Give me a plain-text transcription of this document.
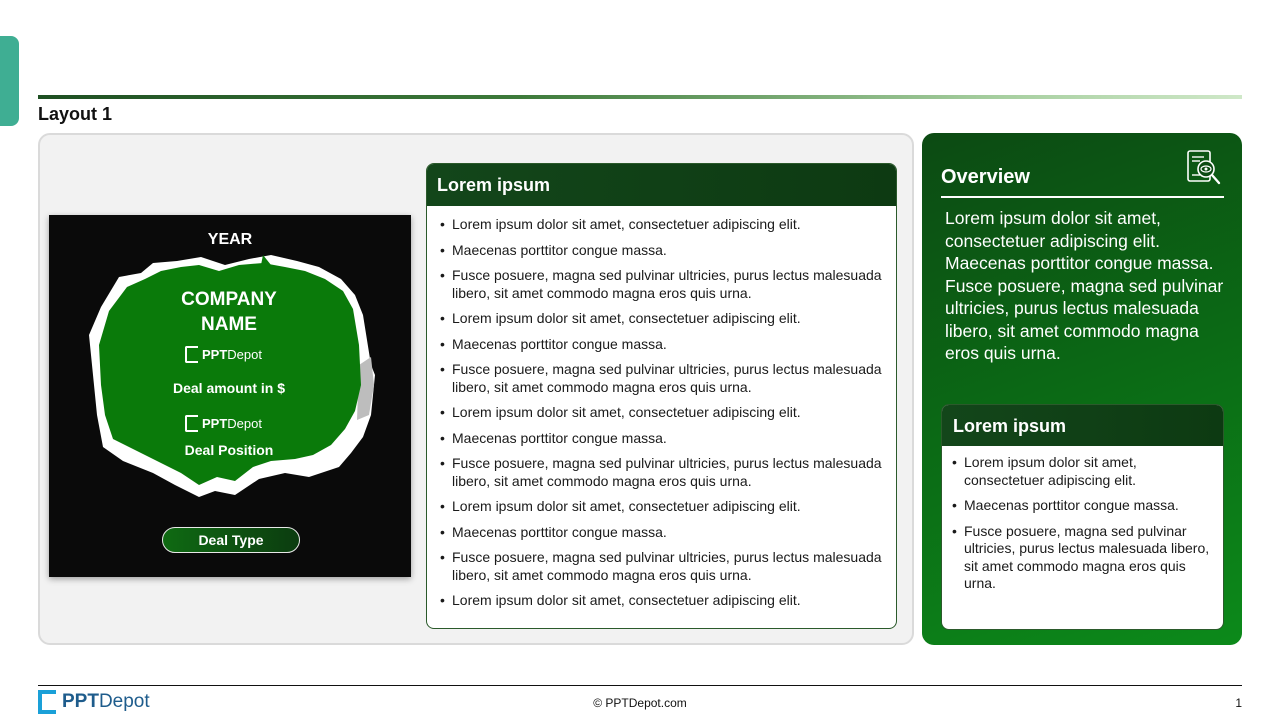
Layout 1
YEAR
COMPANY
NAME
PPT Depot
Deal amount in $
PPT Depot
Deal Position
Deal Type
Lorem ipsum
• Lorem ipsum dolor sit amet, consectetuer adipiscing elit.
• Maecenas porttitor congue massa.
• Fusce posuere, magna sed pulvinar ultricies, purus lectus malesuada libero, sit amet commodo magna eros quis urna.
• Lorem ipsum dolor sit amet, consectetuer adipiscing elit.
• Maecenas porttitor congue massa.
• Fusce posuere, magna sed pulvinar ultricies, purus lectus malesuada libero, sit amet commodo magna eros quis urna.
• Lorem ipsum dolor sit amet, consectetuer adipiscing elit.
• Maecenas porttitor congue massa.
• Fusce posuere, magna sed pulvinar ultricies, purus lectus malesuada libero, sit amet commodo magna eros quis urna.
• Lorem ipsum dolor sit amet, consectetuer adipiscing elit.
• Maecenas porttitor congue massa.
• Fusce posuere, magna sed pulvinar ultricies, purus lectus malesuada libero, sit amet commodo magna eros quis urna.
• Lorem ipsum dolor sit amet, consectetuer adipiscing elit.
Overview
Lorem ipsum dolor sit amet, consectetuer adipiscing elit. Maecenas porttitor congue massa. Fusce posuere, magna sed pulvinar ultricies, purus lectus malesuada libero, sit amet commodo magna eros quis urna.
Lorem ipsum
• Lorem ipsum dolor sit amet, consectetuer adipiscing elit.
• Maecenas porttitor congue massa.
• Fusce posuere, magna sed pulvinar ultricies, purus lectus malesuada libero, sit amet commodo magna eros quis urna.
PPT Depot	© PPTDepot.com	1
